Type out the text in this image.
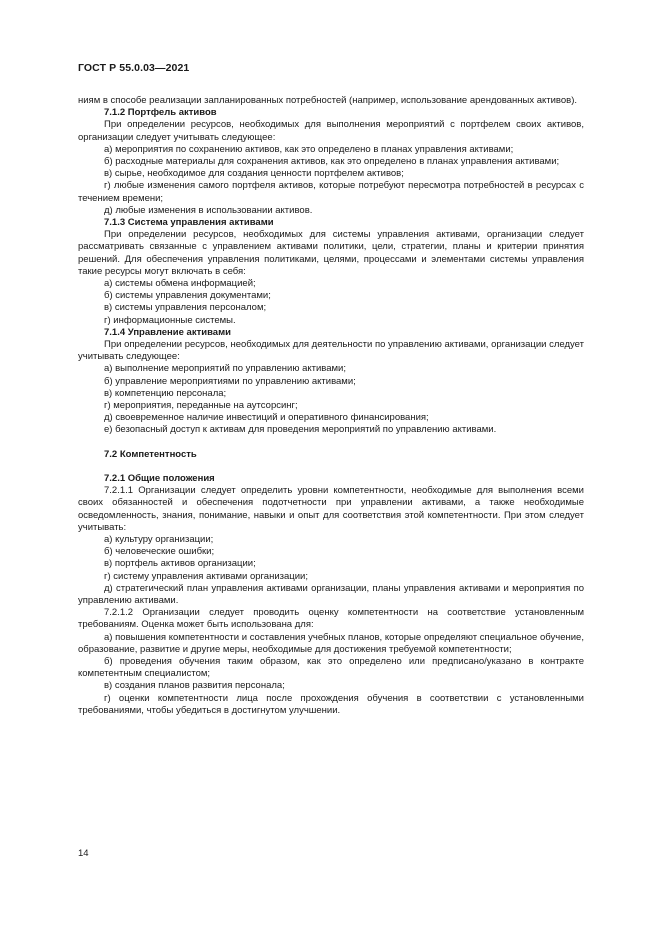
ГОСТ Р 55.0.03—2021

ниям в способе реализации запланированных потребностей (например, использование арендованных активов).

7.1.2 Портфель активов

При определении ресурсов, необходимых для выполнения мероприятий с портфелем своих активов, организации следует учитывать следующее:

а) мероприятия по сохранению активов, как это определено в планах управления активами;

б) расходные материалы для сохранения активов, как это определено в планах управления активами;

в) сырье, необходимое для создания ценности портфелем активов;

г) любые изменения самого портфеля активов, которые потребуют пересмотра потребностей в ресурсах с течением времени;

д) любые изменения в использовании активов.

7.1.3 Система управления активами

При определении ресурсов, необходимых для системы управления активами, организации следует рассматривать связанные с управлением активами политики, цели, стратегии, планы и критерии принятия решений. Для обеспечения управления политиками, целями, процессами и элементами системы управления такие ресурсы могут включать в себя:

а) системы обмена информацией;

б) системы управления документами;

в) системы управления персоналом;

г) информационные системы.

7.1.4 Управление активами

При определении ресурсов, необходимых для деятельности по управлению активами, организации следует учитывать следующее:

а) выполнение мероприятий по управлению активами;

б) управление мероприятиями по управлению активами;

в) компетенцию персонала;

г) мероприятия, переданные на аутсорсинг;

д) своевременное наличие инвестиций и оперативного финансирования;

е) безопасный доступ к активам для проведения мероприятий по управлению активами.

7.2 Компетентность

7.2.1 Общие положения

7.2.1.1 Организации следует определить уровни компетентности, необходимые для выполнения всеми своих обязанностей и обеспечения подотчетности при управлении активами, а также необходимые осведомленность, знания, понимание, навыки и опыт для соответствия этой компетентности. При этом следует учитывать:

а) культуру организации;

б) человеческие ошибки;

в) портфель активов организации;

г) систему управления активами организации;

д) стратегический план управления активами организации, планы управления активами и мероприятия по управлению активами.

7.2.1.2 Организации следует проводить оценку компетентности на соответствие установленным требованиям. Оценка может быть использована для:

а) повышения компетентности и составления учебных планов, которые определяют специальное обучение, образование, развитие и другие меры, необходимые для достижения требуемой компетентности;

б) проведения обучения таким образом, как это определено или предписано/указано в контракте компетентным специалистом;

в) создания планов развития персонала;

г) оценки компетентности лица после прохождения обучения в соответствии с установленными требованиями, чтобы убедиться в достигнутом улучшении.

14
